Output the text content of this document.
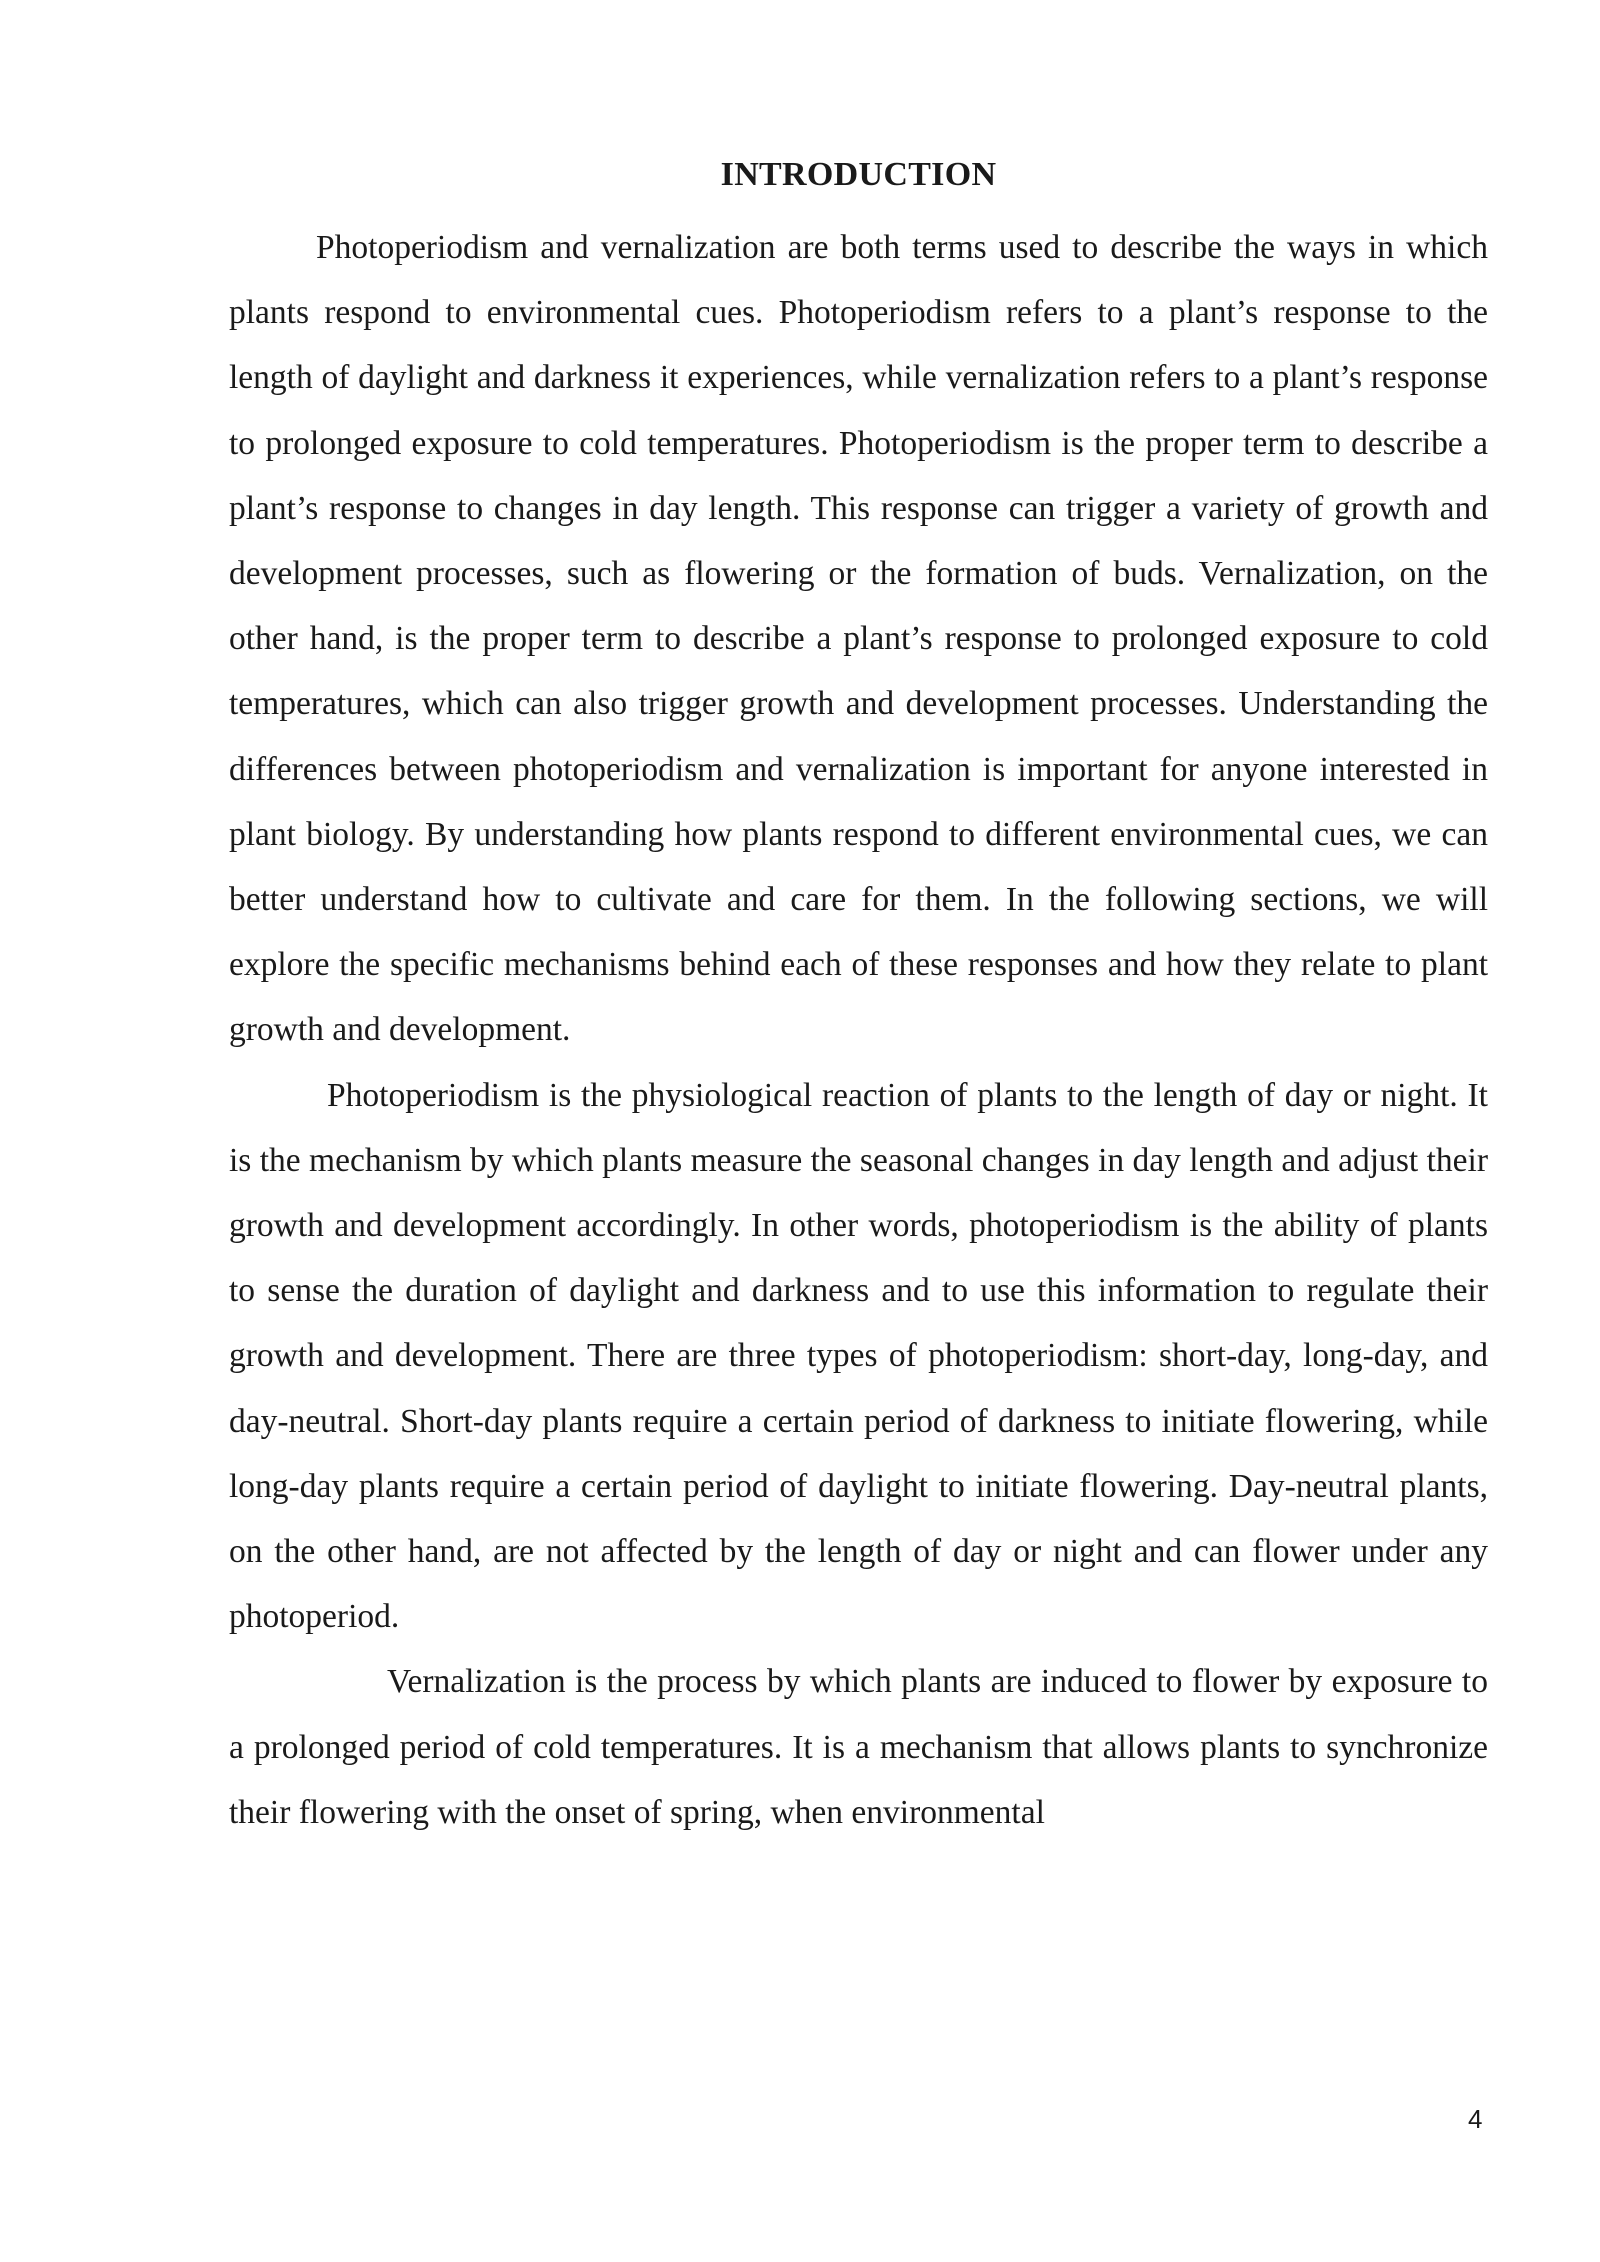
INTRODUCTION

Photoperiodism and vernalization are both terms used to describe the ways in which plants respond to environmental cues. Photoperiodism refers to a plant’s response to the length of daylight and darkness it experiences, while vernalization refers to a plant’s response to prolonged exposure to cold temperatures. Photoperiodism is the proper term to describe a plant’s response to changes in day length. This response can trigger a variety of growth and development processes, such as flowering or the formation of buds. Vernalization, on the other hand, is the proper term to describe a plant’s response to prolonged exposure to cold temperatures, which can also trigger growth and development processes. Understanding the differences between photoperiodism and vernalization is important for anyone interested in plant biology. By understanding how plants respond to different environmental cues, we can better understand how to cultivate and care for them. In the following sections, we will explore the specific mechanisms behind each of these responses and how they relate to plant growth and development.

Photoperiodism is the physiological reaction of plants to the length of day or night. It is the mechanism by which plants measure the seasonal changes in day length and adjust their growth and development accordingly. In other words, photoperiodism is the ability of plants to sense the duration of daylight and darkness and to use this information to regulate their growth and development. There are three types of photoperiodism: short-day, long-day, and day-neutral. Short-day plants require a certain period of darkness to initiate flowering, while long-day plants require a certain period of daylight to initiate flowering. Day-neutral plants, on the other hand, are not affected by the length of day or night and can flower under any photoperiod.

Vernalization is the process by which plants are induced to flower by exposure to a prolonged period of cold temperatures. It is a mechanism that allows plants to synchronize their flowering with the onset of spring, when environmental

4
